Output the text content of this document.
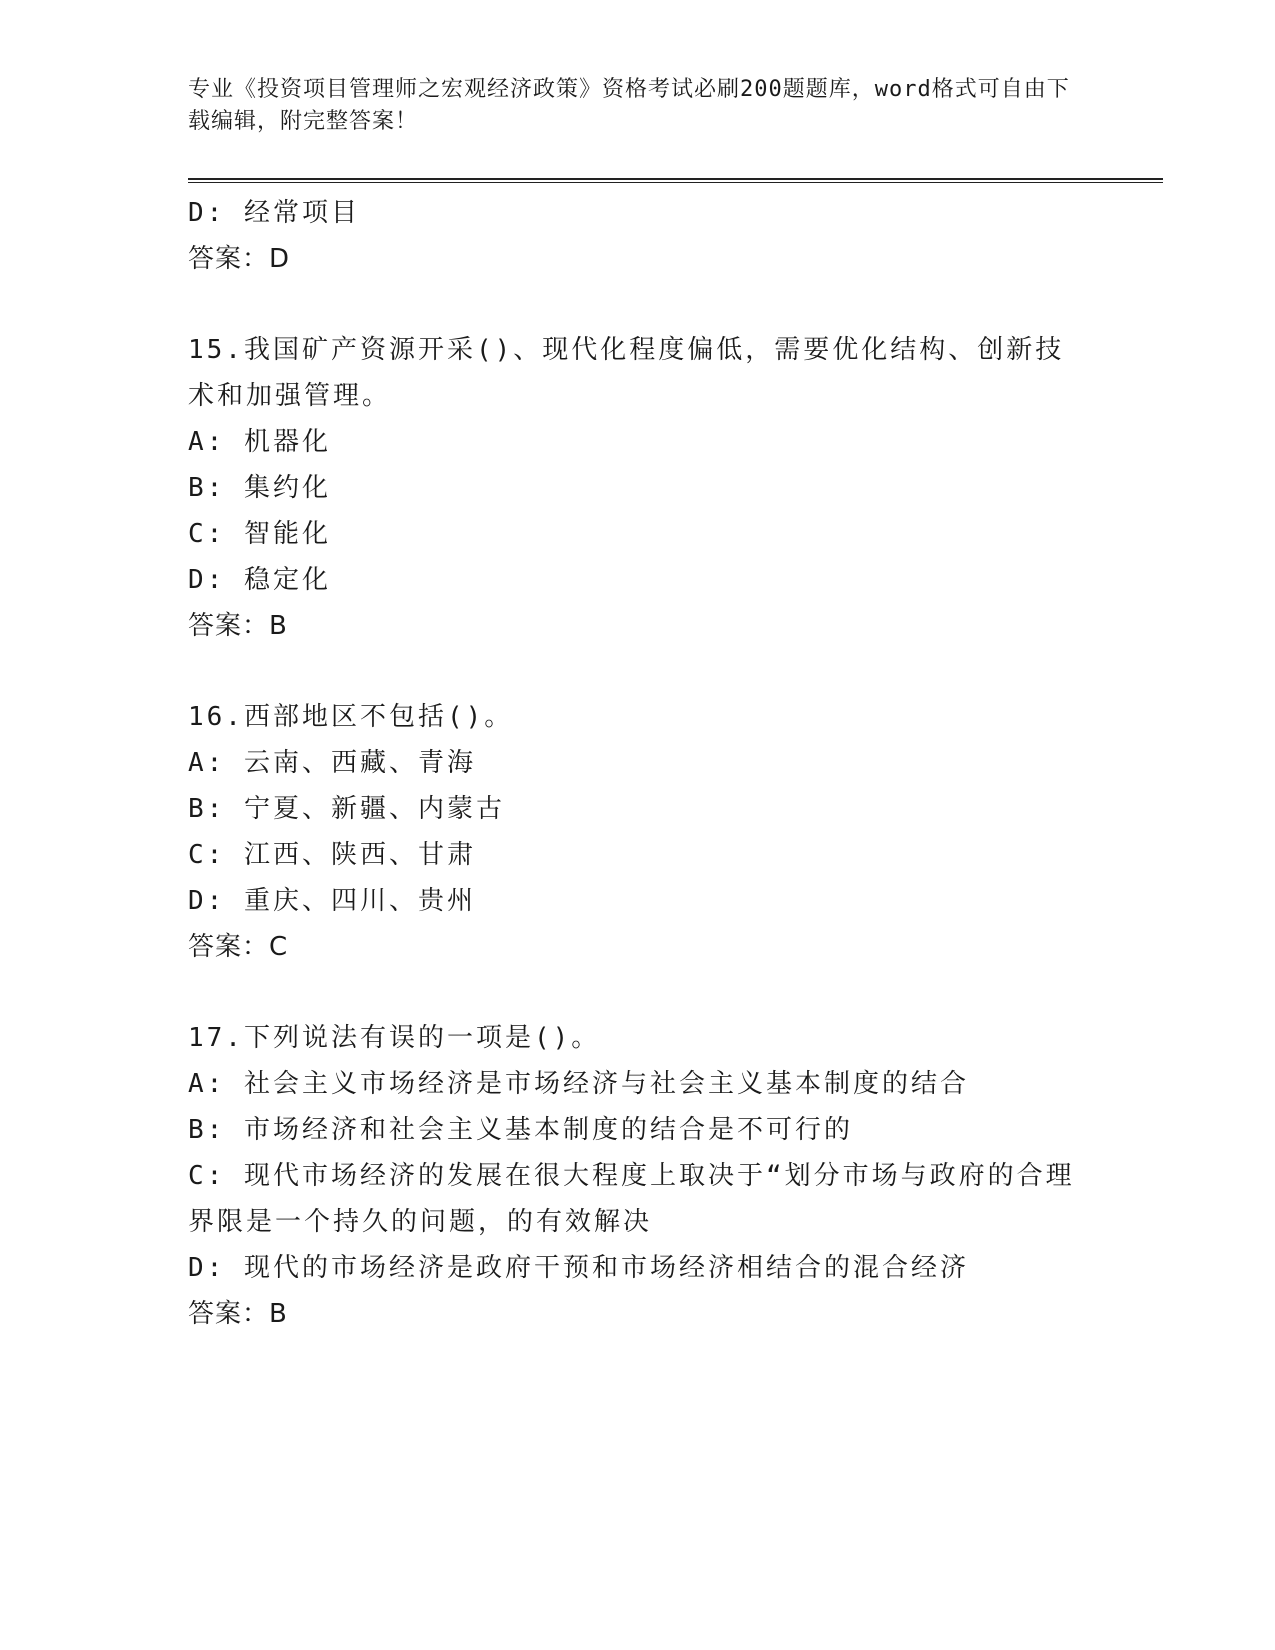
专业《投资项目管理师之宏观经济政策》资格考试必刷200题题库，word格式可自由下载编辑，附完整答案！
D: 经常项目
答案：D
15.我国矿产资源开采()、现代化程度偏低，需要优化结构、创新技术和加强管理。
A: 机器化
B: 集约化
C: 智能化
D: 稳定化
答案：B
16.西部地区不包括()。
A: 云南、西藏、青海
B: 宁夏、新疆、内蒙古
C: 江西、陕西、甘肃
D: 重庆、四川、贵州
答案：C
17.下列说法有误的一项是()。
A: 社会主义市场经济是市场经济与社会主义基本制度的结合
B: 市场经济和社会主义基本制度的结合是不可行的
C: 现代市场经济的发展在很大程度上取决于“划分市场与政府的合理界限是一个持久的问题，的有效解决
D: 现代的市场经济是政府干预和市场经济相结合的混合经济
答案：B
